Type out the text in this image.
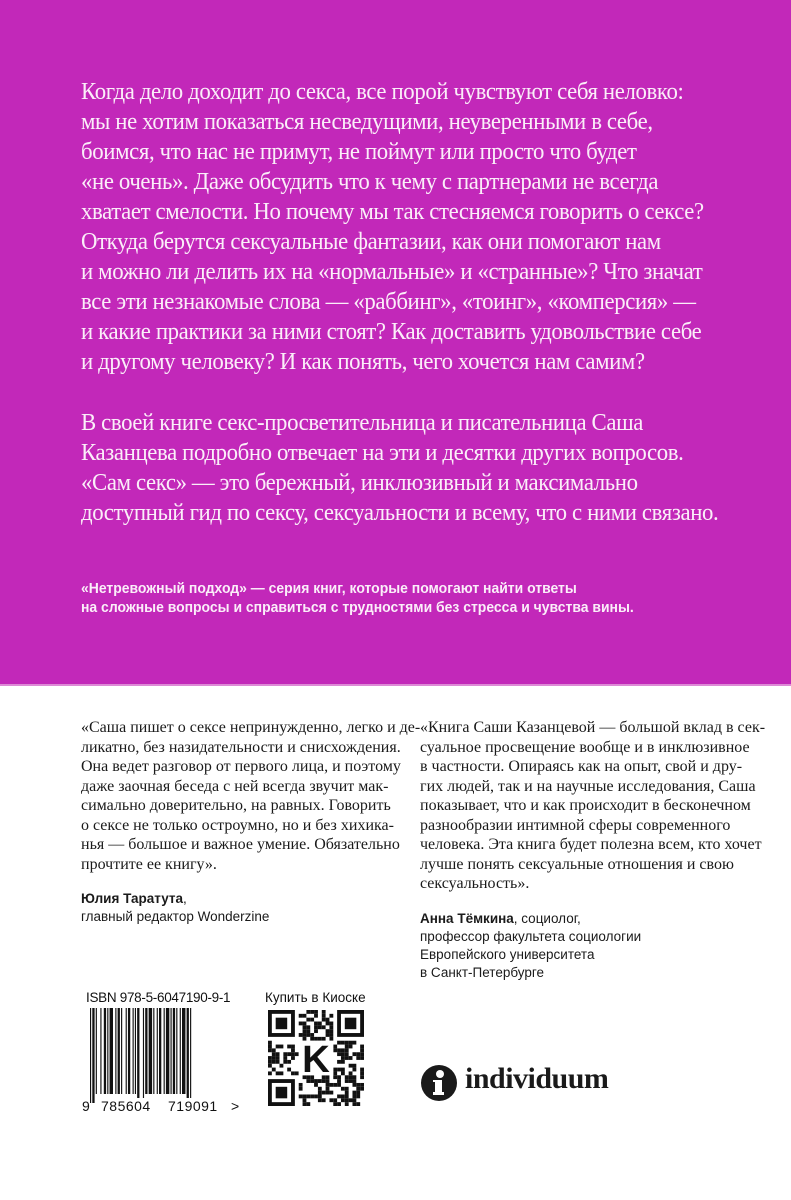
Когда дело доходит до секса, все порой чувствуют себя неловко:
мы не хотим показаться несведущими, неуверенными в себе,
боимся, что нас не примут, не поймут или просто что будет
«не очень». Даже обсудить что к чему с партнерами не всегда
хватает смелости. Но почему мы так стесняемся говорить о сексе?
Откуда берутся сексуальные фантазии, как они помогают нам
и можно ли делить их на «нормальные» и «странные»? Что значат
все эти незнакомые слова — «раббинг», «тоинг», «комперсия» —
и какие практики за ними стоят? Как доставить удовольствие себе
и другому человеку? И как понять, чего хочется нам самим?
В своей книге секс-просветительница и писательница Саша
Казанцева подробно отвечает на эти и десятки других вопросов.
«Сам секс» — это бережный, инклюзивный и максимально
доступный гид по сексу, сексуальности и всему, что с ними связано.
«Нетревожный подход» — серия книг, которые помогают найти ответы
на сложные вопросы и справиться с трудностями без стресса и чувства вины.
«Саша пишет о сексе непринужденно, легко и де-
ликатно, без назидательности и снисхождения.
Она ведет разговор от первого лица, и поэтому
даже заочная беседа с ней всегда звучит мак-
симально доверительно, на равных. Говорить
о сексе не только остроумно, но и без хихика-
нья — большое и важное умение. Обязательно
прочтите ее книгу».
«Книга Саши Казанцевой — большой вклад в сек-
суальное просвещение вообще и в инклюзивное
в частности. Опираясь как на опыт, свой и дру-
гих людей, так и на научные исследования, Саша
показывает, что и как происходит в бесконечном
разнообразии интимной сферы современного
человека. Эта книга будет полезна всем, кто хочет
лучше понять сексуальные отношения и свою
сексуальность».
Юлия Таратута,
главный редактор Wonderzine	Анна Тёмкина, социолог,
профессор факультета социологии
Европейского университета
в Санкт-Петербурге
ISBN 978-5-6047190-9-1
9 785604 719091 >
Купить в Киоске
K	individuum
